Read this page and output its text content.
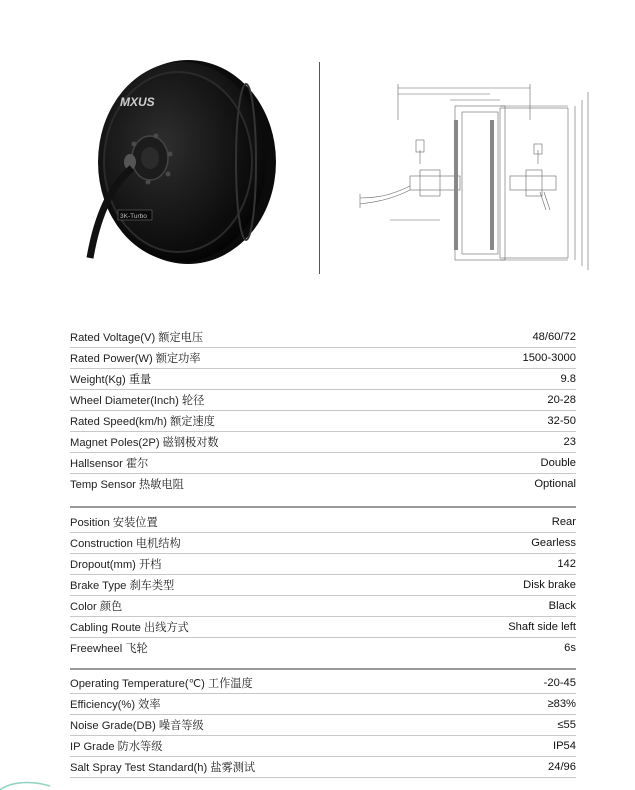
MXUS
3K-Turbo
Rated Voltage(V) 额定电压	48/60/72
Rated Power(W) 额定功率	1500-3000
Weight(Kg) 重量	9.8
Wheel Diameter(Inch) 轮径	20-28
Rated Speed(km/h) 额定速度	32-50
Magnet Poles(2P) 磁钢极对数	23
Hallsensor 霍尔	Double
Temp Sensor 热敏电阻	Optional
Position 安装位置	Rear
Construction 电机结构	Gearless
Dropout(mm) 开档	142
Brake Type 刹车类型	Disk brake
Color 颜色	Black
Cabling Route 出线方式	Shaft side left
Freewheel 飞轮	6s
Operating Temperature(℃) 工作温度	-20-45
Efficiency(%) 效率	≥83%
Noise Grade(DB) 噪音等级	≤55
IP Grade 防水等级	IP54
Salt Spray Test Standard(h) 盐雾测试	24/96
